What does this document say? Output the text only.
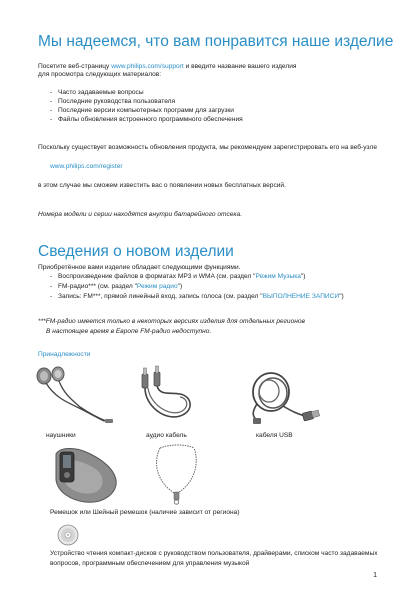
Мы надеемся, что вам понравится наше изделие
Посетите веб-страницу www.philips.com/support и введите название вашего изделия
для просмотра следующих материалов:
- Часто задаваемые вопросы
- Последние руководства пользователя
- Последние версии компьютерных программ для загрузки
- Файлы обновления встроенного программного обеспечения
Поскольку существует возможность обновления продукта, мы рекомендуем зарегистрировать его на веб-узле
www.philips.com/register
в этом случае мы сможем известить вас о появлении новых бесплатных версий.
Номера модели и серии находятся внутри батарейного отсека.
Сведения о новом изделии
Приобретённое вами изделие обладает следующими функциями.
- Воспроизведение файлов в форматах MP3 и WMA (см. раздел "Режим Музыка")
- FM-радио*** (см. раздел "Режим радио")
- Запись: FM***, прямой линейный вход, запись голоса (см. раздел "ВЫПОЛНЕНИЕ ЗАПИСИ")
***FM-радио имеется только в некоторых версиях изделия для отдельных регионов
В настоящее время в Европе FM-радио недоступно.
Принадлежности
наушники	аудио кабель	кабеля USB
Ремешок или Шейный ремешок (наличие зависит от региона)
Устройство чтения компакт-дисков с руководством пользователя, драйверами, списком часто задаваемых
вопросов, программным обеспечением для управления музыкой
1
